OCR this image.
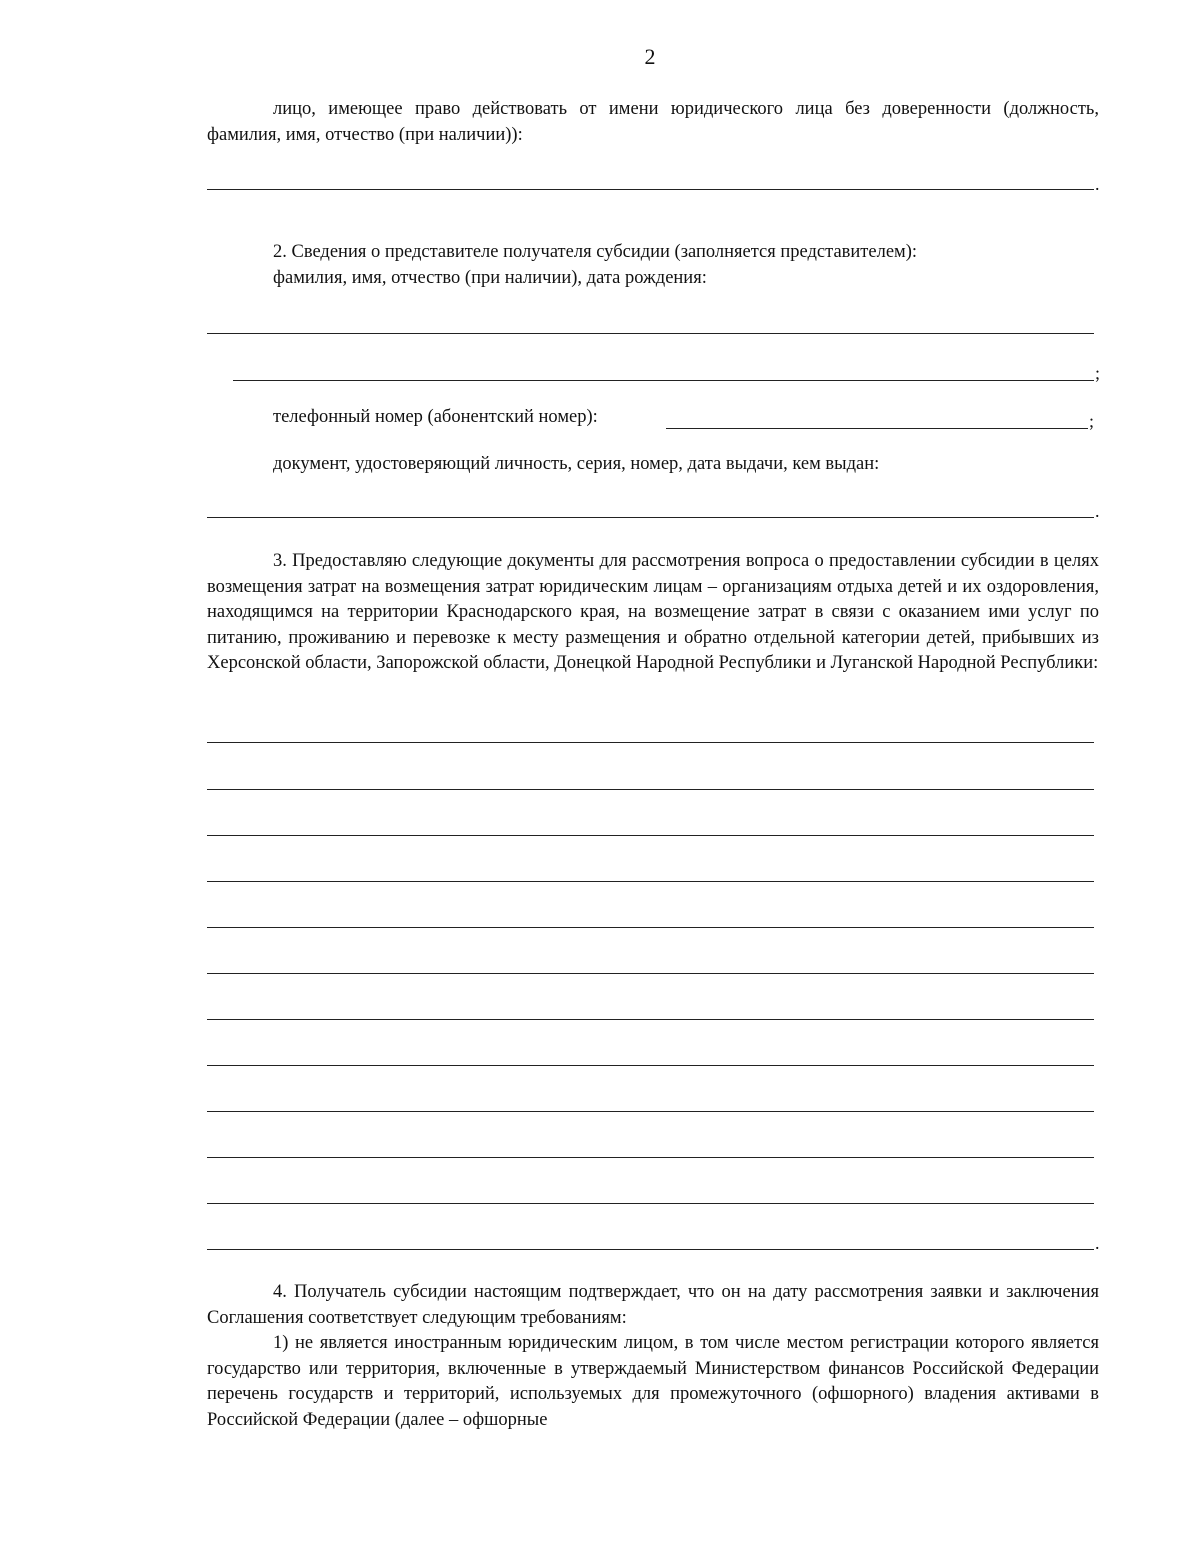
2
лицо, имеющее право действовать от имени юридического лица без доверенности (должность, фамилия, имя, отчество (при наличии)):
.
2. Сведения о представителе получателя субсидии (заполняется представителем):
фамилия, имя, отчество (при наличии), дата рождения:
;
телефонный номер (абонентский номер):	;
документ, удостоверяющий личность, серия, номер, дата выдачи, кем выдан:
.
3. Предоставляю следующие документы для рассмотрения вопроса о предоставлении субсидии в целях возмещения затрат на возмещения затрат юридическим лицам – организациям отдыха детей и их оздоровления, находящимся на территории Краснодарского края, на возмещение затрат в связи с оказанием ими услуг по питанию, проживанию и перевозке к месту размещения и обратно отдельной категории детей, прибывших из Херсонской области, Запорожской области, Донецкой Народной Республики и Луганской Народной Республики:
.
4. Получатель субсидии настоящим подтверждает, что он на дату рассмотрения заявки и заключения Соглашения соответствует следующим требованиям:
1) не является иностранным юридическим лицом, в том числе местом регистрации которого является государство или территория, включенные в утверждаемый Министерством финансов Российской Федерации перечень государств и территорий, используемых для промежуточного (офшорного) владения активами в Российской Федерации (далее – офшорные
